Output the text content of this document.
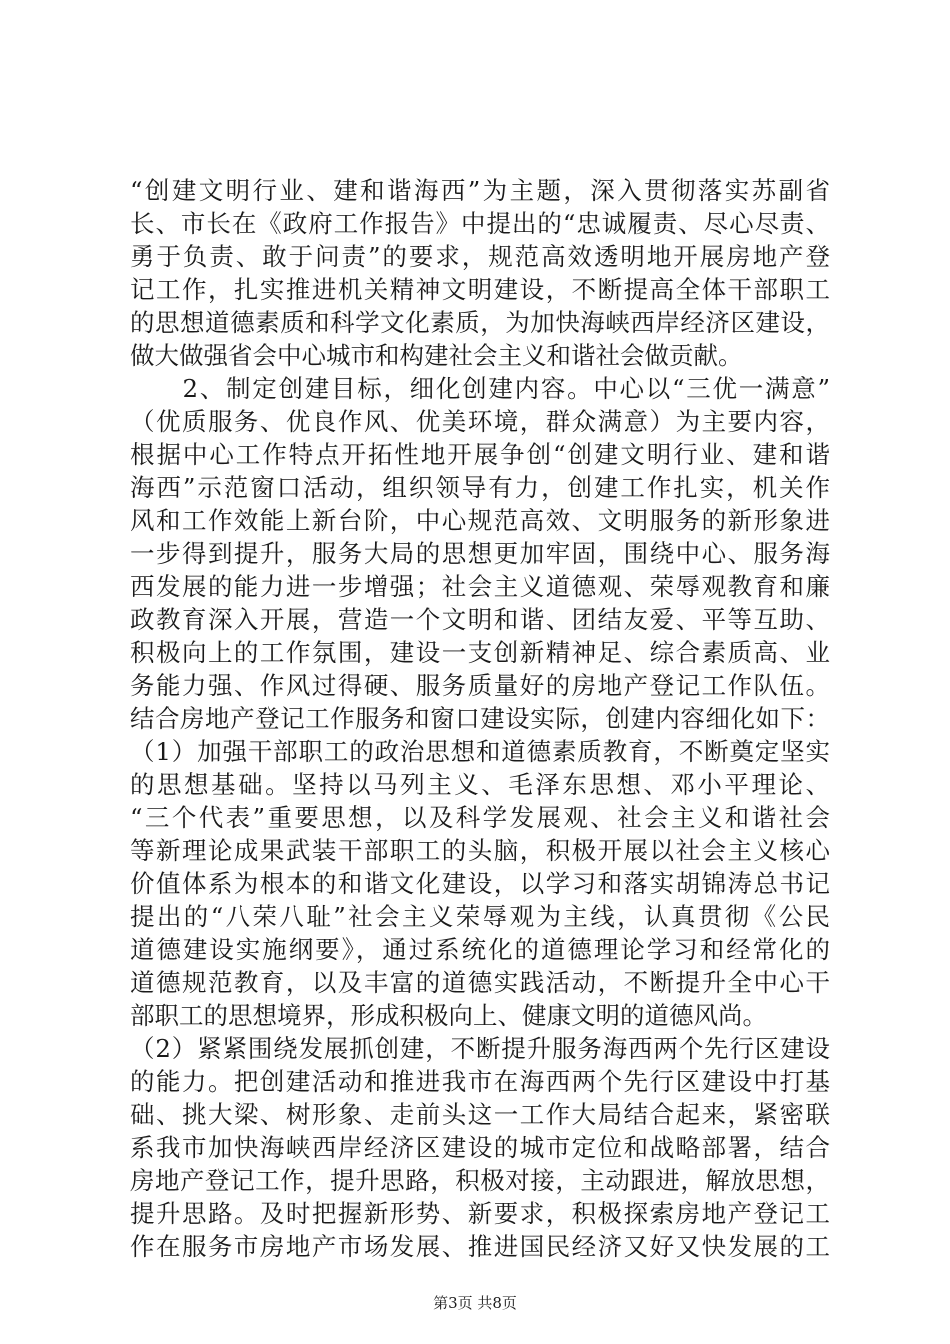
“创建文明行业、建和谐海西”为主题，深入贯彻落实苏副省
长、市长在《政府工作报告》中提出的“忠诚履责、尽心尽责、
勇于负责、敢于问责”的要求，规范高效透明地开展房地产登
记工作，扎实推进机关精神文明建设，不断提高全体干部职工
的思想道德素质和科学文化素质，为加快海峡西岸经济区建设，
做大做强省会中心城市和构建社会主义和谐社会做贡献。
　　2、制定创建目标，细化创建内容。中心以“三优一满意”
（优质服务、优良作风、优美环境，群众满意）为主要内容，
根据中心工作特点开拓性地开展争创“创建文明行业、建和谐
海西”示范窗口活动，组织领导有力，创建工作扎实，机关作
风和工作效能上新台阶，中心规范高效、文明服务的新形象进
一步得到提升，服务大局的思想更加牢固，围绕中心、服务海
西发展的能力进一步增强；社会主义道德观、荣辱观教育和廉
政教育深入开展，营造一个文明和谐、团结友爱、平等互助、
积极向上的工作氛围，建设一支创新精神足、综合素质高、业
务能力强、作风过得硬、服务质量好的房地产登记工作队伍。
结合房地产登记工作服务和窗口建设实际，创建内容细化如下：
（1）加强干部职工的政治思想和道德素质教育，不断奠定坚实
的思想基础。坚持以马列主义、毛泽东思想、邓小平理论、
“三个代表”重要思想，以及科学发展观、社会主义和谐社会
等新理论成果武装干部职工的头脑，积极开展以社会主义核心
价值体系为根本的和谐文化建设，以学习和落实胡锦涛总书记
提出的“八荣八耻”社会主义荣辱观为主线，认真贯彻《公民
道德建设实施纲要》，通过系统化的道德理论学习和经常化的
道德规范教育，以及丰富的道德实践活动，不断提升全中心干
部职工的思想境界，形成积极向上、健康文明的道德风尚。
（2）紧紧围绕发展抓创建，不断提升服务海西两个先行区建设
的能力。把创建活动和推进我市在海西两个先行区建设中打基
础、挑大梁、树形象、走前头这一工作大局结合起来，紧密联
系我市加快海峡西岸经济区建设的城市定位和战略部署，结合
房地产登记工作，提升思路，积极对接，主动跟进，解放思想，
提升思路。及时把握新形势、新要求，积极探索房地产登记工
作在服务市房地产市场发展、推进国民经济又好又快发展的工
第3页 共8页
